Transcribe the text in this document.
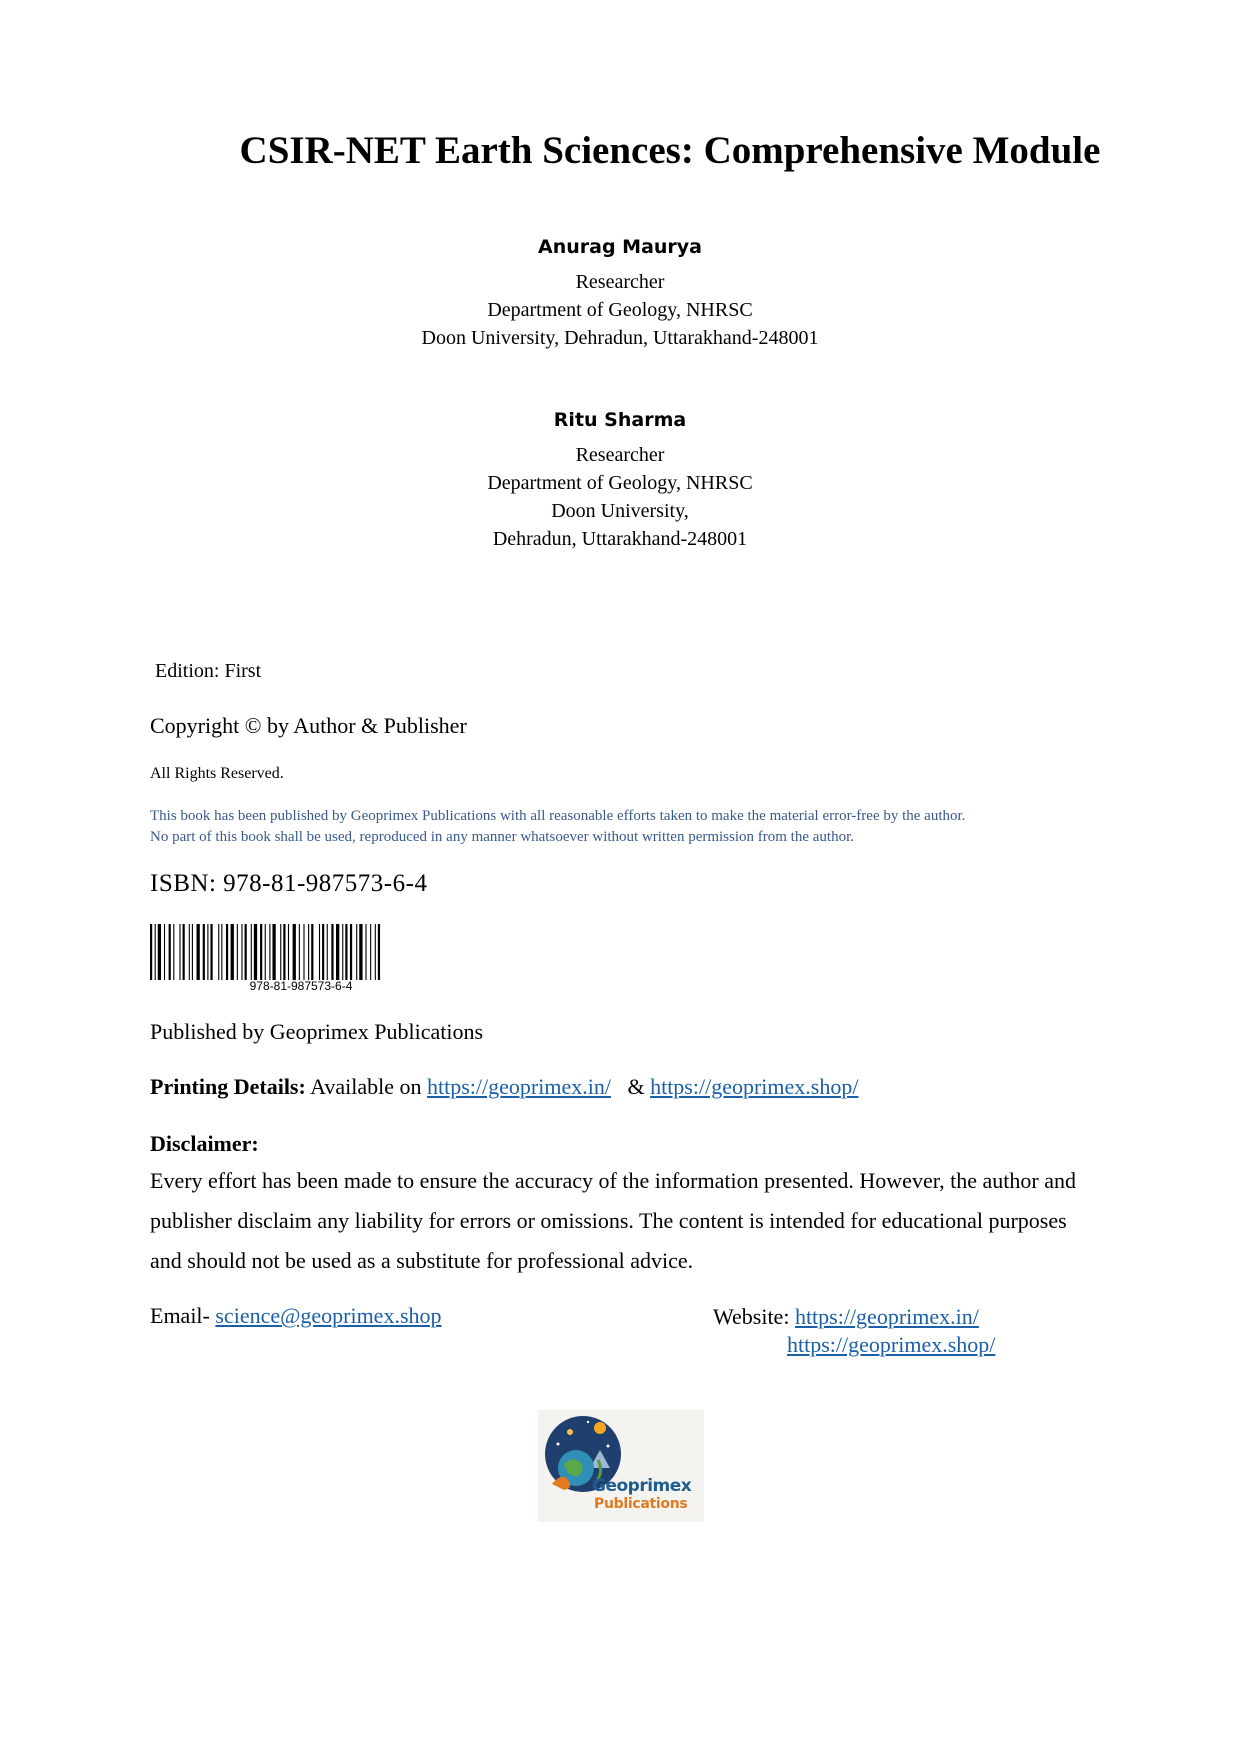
CSIR-NET Earth Sciences: Comprehensive Module
Anurag Maurya
Researcher
Department of Geology, NHRSC
Doon University, Dehradun, Uttarakhand-248001
Ritu Sharma
Researcher
Department of Geology, NHRSC
Doon University,
Dehradun, Uttarakhand-248001
Edition: First
Copyright © by Author & Publisher
All Rights Reserved.
This book has been published by Geoprimex Publications with all reasonable efforts taken to make the material error-free by the author.
No part of this book shall be used, reproduced in any manner whatsoever without written permission from the author.
ISBN: 978-81-987573-6-4
978-81-987573-6-4
Published by Geoprimex Publications
Printing Details: Available on https://geoprimex.in/ & https://geoprimex.shop/
Disclaimer:
Every effort has been made to ensure the accuracy of the information presented. However, the author and publisher disclaim any liability for errors or omissions. The content is intended for educational purposes and should not be used as a substitute for professional advice.
Email- science@geoprimex.shop	Website: https://geoprimex.in/
https://geoprimex.shop/
Geoprimex
Publications
